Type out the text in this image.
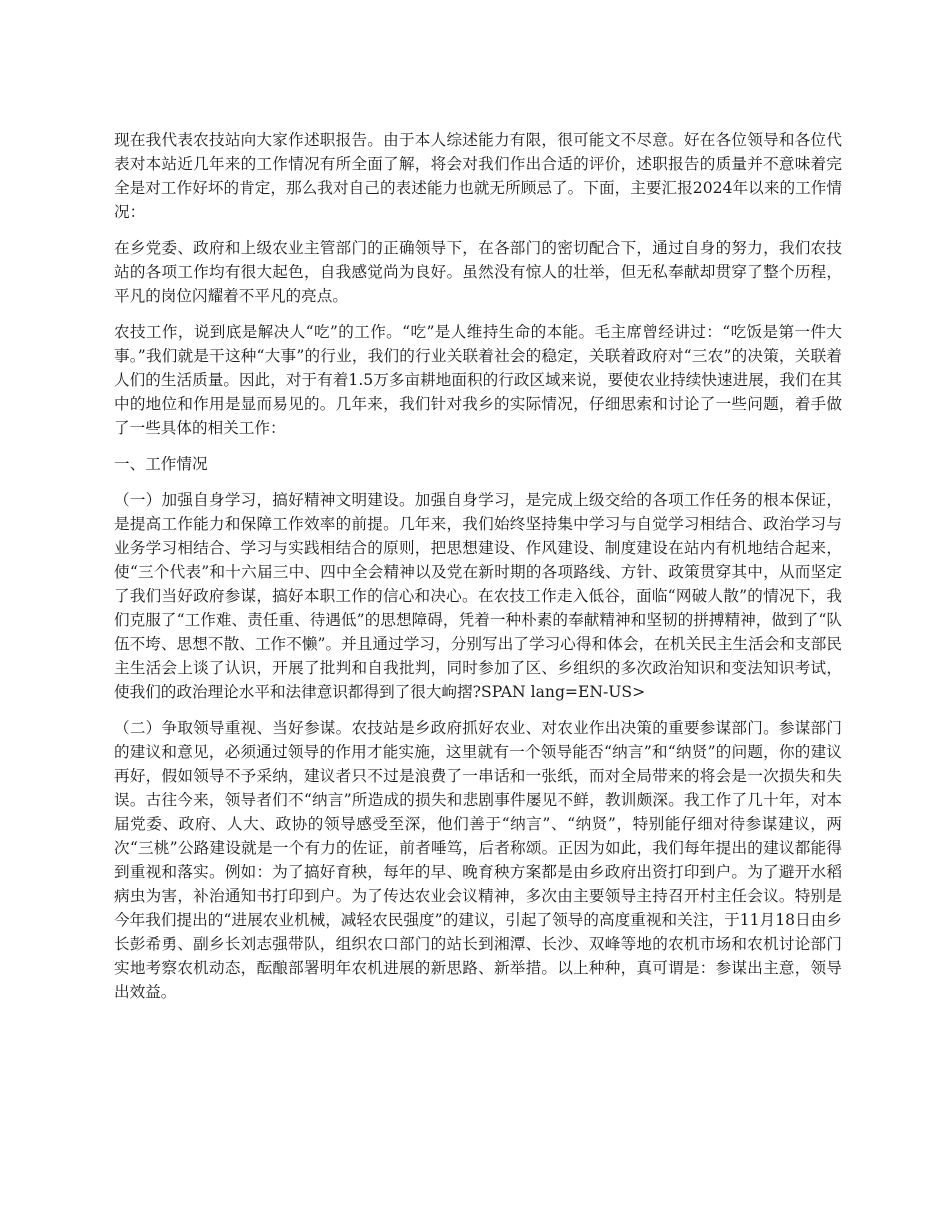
现在我代表农技站向大家作述职报告。由于本人综述能力有限，很可能文不尽意。好在各位领导和各位代表对本站近几年来的工作情况有所全面了解，将会对我们作出合适的评价，述职报告的质量并不意味着完全是对工作好坏的肯定，那么我对自己的表述能力也就无所顾忌了。下面，主要汇报2024年以来的工作情况：

在乡党委、政府和上级农业主管部门的正确领导下，在各部门的密切配合下，通过自身的努力，我们农技站的各项工作均有很大起色，自我感觉尚为良好。虽然没有惊人的壮举，但无私奉献却贯穿了整个历程，平凡的岗位闪耀着不平凡的亮点。

农技工作，说到底是解决人“吃”的工作。“吃”是人维持生命的本能。毛主席曾经讲过：“吃饭是第一件大事。”我们就是干这种“大事”的行业，我们的行业关联着社会的稳定，关联着政府对“三农”的决策，关联着人们的生活质量。因此，对于有着1.5万多亩耕地面积的行政区域来说，要使农业持续快速进展，我们在其中的地位和作用是显而易见的。几年来，我们针对我乡的实际情况，仔细思索和讨论了一些问题，着手做了一些具体的相关工作：

一、工作情况

（一）加强自身学习，搞好精神文明建设。加强自身学习，是完成上级交给的各项工作任务的根本保证，是提高工作能力和保障工作效率的前提。几年来，我们始终坚持集中学习与自觉学习相结合、政治学习与业务学习相结合、学习与实践相结合的原则，把思想建设、作风建设、制度建设在站内有机地结合起来，使“三个代表”和十六届三中、四中全会精神以及党在新时期的各项路线、方针、政策贯穿其中，从而坚定了我们当好政府参谋，搞好本职工作的信心和决心。在农技工作走入低谷，面临“网破人散”的情况下，我们克服了“工作难、责任重、待遇低”的思想障碍，凭着一种朴素的奉献精神和坚韧的拼搏精神，做到了“队伍不垮、思想不散、工作不懒”。并且通过学习，分别写出了学习心得和体会，在机关民主生活会和支部民主生活会上谈了认识，开展了批判和自我批判，同时参加了区、乡组织的多次政治知识和变法知识考试，使我们的政治理论水平和法律意识都得到了很大岣摺?SPAN lang=EN-US>

（二）争取领导重视、当好参谋。农技站是乡政府抓好农业、对农业作出决策的重要参谋部门。参谋部门的建议和意见，必须通过领导的作用才能实施，这里就有一个领导能否“纳言”和“纳贤”的问题，你的建议再好，假如领导不予采纳，建议者只不过是浪费了一串话和一张纸，而对全局带来的将会是一次损失和失误。古往今来，领导者们不“纳言”所造成的损失和悲剧事件屡见不鲜，教训颇深。我工作了几十年，对本届党委、政府、人大、政协的领导感受至深，他们善于“纳言”、“纳贤”，特别能仔细对待参谋建议，两次“三桃”公路建设就是一个有力的佐证，前者唾笃，后者称颂。正因为如此，我们每年提出的建议都能得到重视和落实。例如：为了搞好育秧，每年的早、晚育秧方案都是由乡政府出资打印到户。为了避开水稻病虫为害，补治通知书打印到户。为了传达农业会议精神，多次由主要领导主持召开村主任会议。特别是今年我们提出的“进展农业机械，减轻农民强度”的建议，引起了领导的高度重视和关注，于11月18日由乡长彭希勇、副乡长刘志强带队，组织农口部门的站长到湘潭、长沙、双峰等地的农机市场和农机讨论部门实地考察农机动态，酝酿部署明年农机进展的新思路、新举措。以上种种，真可谓是：参谋出主意，领导出效益。
